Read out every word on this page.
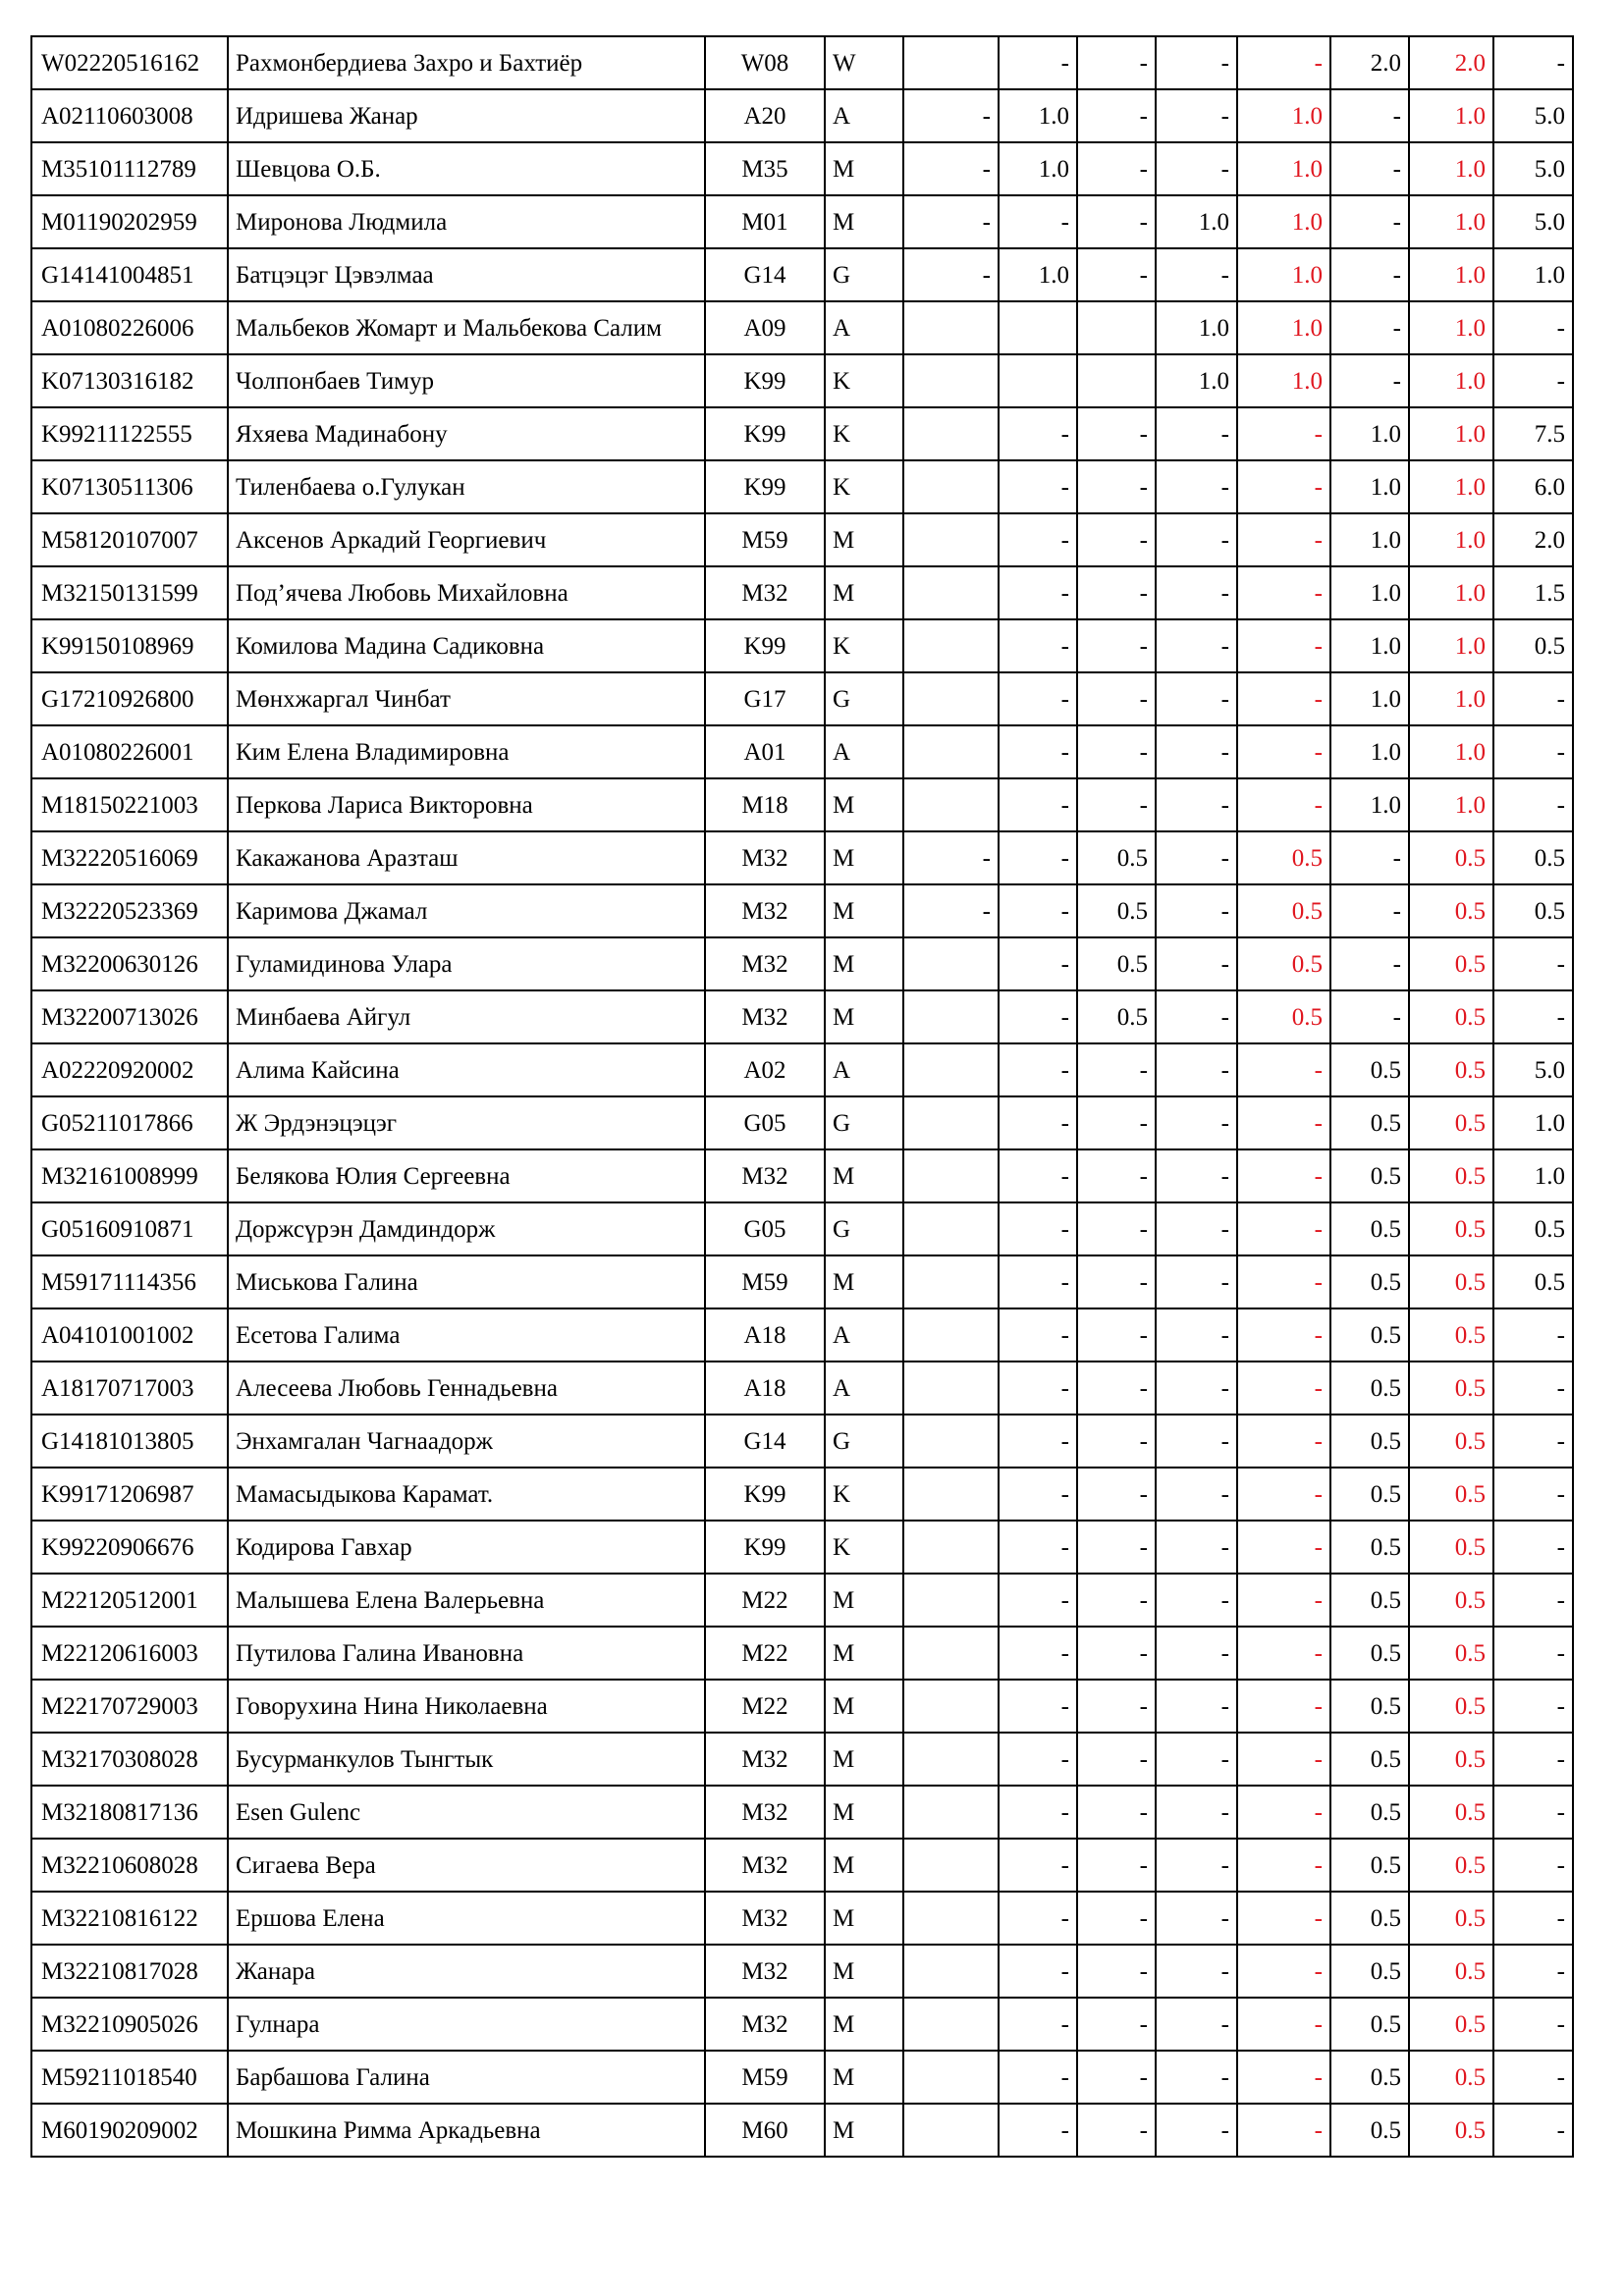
W02220516162	Рахмонбердиева Захро и Бахтиёр	W08	W		-	-	-	-	2.0	2.0	-
A02110603008	Идришева Жанар	A20	A	-	1.0	-	-	1.0	-	1.0	5.0
M35101112789	Шевцова О.Б.	M35	M	-	1.0	-	-	1.0	-	1.0	5.0
M01190202959	Миронова Людмила	M01	M	-	-	-	1.0	1.0	-	1.0	5.0
G14141004851	Батцэцэг Цэвэлмаа	G14	G	-	1.0	-	-	1.0	-	1.0	1.0
A01080226006	Мальбеков Жомарт и Мальбекова Салим	A09	A				1.0	1.0	-	1.0	-
K07130316182	Чолпонбаев Тимур	K99	K				1.0	1.0	-	1.0	-
K99211122555	Яхяева Мадинабону	K99	K		-	-	-	-	1.0	1.0	7.5
K07130511306	Тиленбаева о.Гулукан	K99	K		-	-	-	-	1.0	1.0	6.0
M58120107007	Аксенов Аркадий Георгиевич	M59	M		-	-	-	-	1.0	1.0	2.0
M32150131599	Под’ячева Любовь Михайловна	M32	M		-	-	-	-	1.0	1.0	1.5
K99150108969	Комилова Мадина Садиковна	K99	K		-	-	-	-	1.0	1.0	0.5
G17210926800	Мөнхжаргал Чинбат	G17	G		-	-	-	-	1.0	1.0	-
A01080226001	Ким Елена Владимировна	A01	A		-	-	-	-	1.0	1.0	-
M18150221003	Перкова Лариса Викторовна	M18	M		-	-	-	-	1.0	1.0	-
M32220516069	Какажанова Аразташ	M32	M	-	-	0.5	-	0.5	-	0.5	0.5
M32220523369	Каримова Джамал	M32	M	-	-	0.5	-	0.5	-	0.5	0.5
M32200630126	Гуламидинова Улара	M32	M		-	0.5	-	0.5	-	0.5	-
M32200713026	Минбаева Айгул	M32	M		-	0.5	-	0.5	-	0.5	-
A02220920002	Алима Кайсина	A02	A		-	-	-	-	0.5	0.5	5.0
G05211017866	Ж Эрдэнэцэцэг	G05	G		-	-	-	-	0.5	0.5	1.0
M32161008999	Белякова Юлия Сергеевна	M32	M		-	-	-	-	0.5	0.5	1.0
G05160910871	Доржсүрэн Дамдиндорж	G05	G		-	-	-	-	0.5	0.5	0.5
M59171114356	Миськова Галина	M59	M		-	-	-	-	0.5	0.5	0.5
A04101001002	Есетова Галима	A18	A		-	-	-	-	0.5	0.5	-
A18170717003	Алесеева Любовь Геннадьевна	A18	A		-	-	-	-	0.5	0.5	-
G14181013805	Энхамгалан Чагнаадорж	G14	G		-	-	-	-	0.5	0.5	-
K99171206987	Мамасыдыкова Карамат.	K99	K		-	-	-	-	0.5	0.5	-
K99220906676	Кодирова Гавхар	K99	K		-	-	-	-	0.5	0.5	-
M22120512001	Малышева Елена Валерьевна	M22	M		-	-	-	-	0.5	0.5	-
M22120616003	Путилова Галина Ивановна	M22	M		-	-	-	-	0.5	0.5	-
M22170729003	Говорухина Нина Николаевна	M22	M		-	-	-	-	0.5	0.5	-
M32170308028	Бусурманкулов Тынгтык	M32	M		-	-	-	-	0.5	0.5	-
M32180817136	Esen Gulenc	M32	M		-	-	-	-	0.5	0.5	-
M32210608028	Сигаева Вера	M32	M		-	-	-	-	0.5	0.5	-
M32210816122	Ершова Елена	M32	M		-	-	-	-	0.5	0.5	-
M32210817028	Жанара	M32	M		-	-	-	-	0.5	0.5	-
M32210905026	Гулнара	M32	M		-	-	-	-	0.5	0.5	-
M59211018540	Барбашова Галина	M59	M		-	-	-	-	0.5	0.5	-
M60190209002	Мошкина Римма Аркадьевна	M60	M		-	-	-	-	0.5	0.5	-
